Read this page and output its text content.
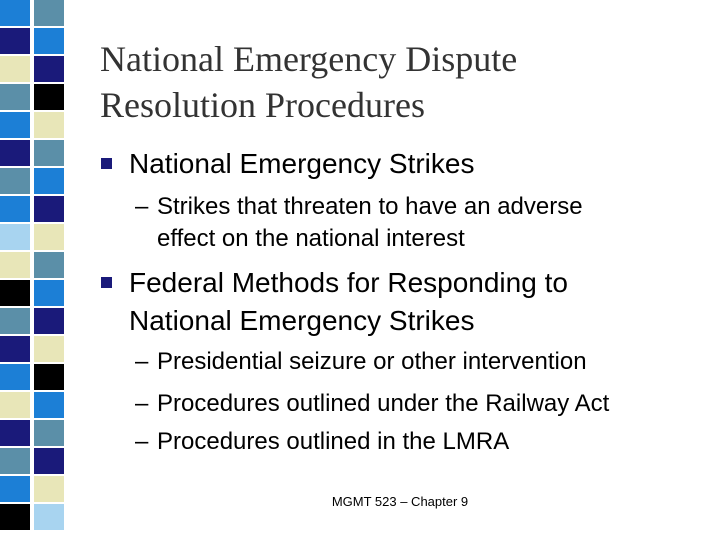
National Emergency Dispute
Resolution Procedures
National Emergency Strikes
– Strikes that threaten to have an adverse
effect on the national interest
Federal Methods for Responding to
National Emergency Strikes
– Presidential seizure or other intervention
– Procedures outlined under the Railway Act
– Procedures outlined in the LMRA
MGMT 523 – Chapter 9
